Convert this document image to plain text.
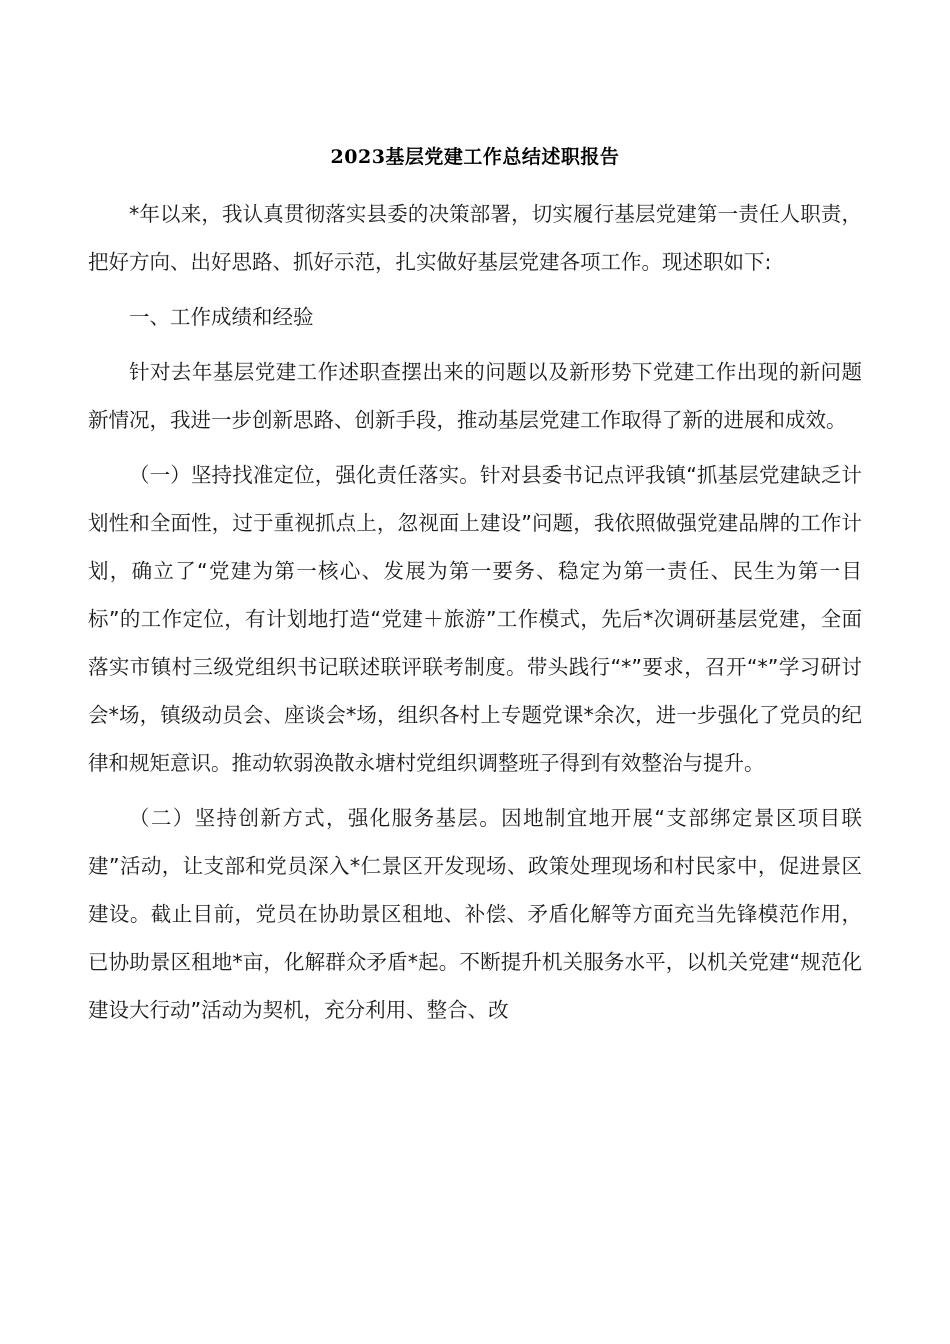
2023基层党建工作总结述职报告

*年以来，我认真贯彻落实县委的决策部署，切实履行基层党建第一责任人职责，把好方向、出好思路、抓好示范，扎实做好基层党建各项工作。现述职如下:

一、工作成绩和经验

针对去年基层党建工作述职查摆出来的问题以及新形势下党建工作出现的新问题新情况，我进一步创新思路、创新手段，推动基层党建工作取得了新的进展和成效。

（一）坚持找准定位，强化责任落实。针对县委书记点评我镇“抓基层党建缺乏计划性和全面性，过于重视抓点上，忽视面上建设”问题，我依照做强党建品牌的工作计划，确立了“党建为第一核心、发展为第一要务、稳定为第一责任、民生为第一目标”的工作定位，有计划地打造“党建＋旅游”工作模式，先后*次调研基层党建，全面落实市镇村三级党组织书记联述联评联考制度。带头践行“*”要求，召开“*”学习研讨会*场，镇级动员会、座谈会*场，组织各村上专题党课*余次，进一步强化了党员的纪律和规矩意识。推动软弱涣散永塘村党组织调整班子得到有效整治与提升。

（二）坚持创新方式，强化服务基层。因地制宜地开展“支部绑定景区项目联建”活动，让支部和党员深入*仁景区开发现场、政策处理现场和村民家中，促进景区建设。截止目前，党员在协助景区租地、补偿、矛盾化解等方面充当先锋模范作用，已协助景区租地*亩，化解群众矛盾*起。不断提升机关服务水平，以机关党建“规范化建设大行动”活动为契机，充分利用、整合、改
